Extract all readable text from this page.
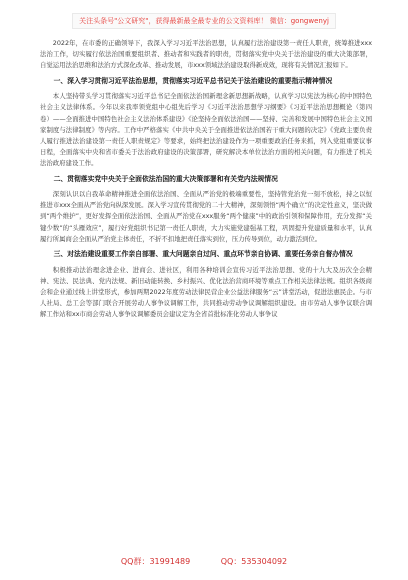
关注头条号"公文研究"，获得最新最全最专业的公文资料库！ 微信：gongwenyj

2022年，在市委的正确领导下，我深入学习习近平法治思想，认真履行法治建设第一责任人职责，统筹推进xxx法治工作，切实履行依法治国重要组织者、推动者和实践者的职责，贯彻落实党中央关于法治建设的重大决策部署，自觉运用法治思维和法治方式深化改革、推动发展，市xxx领域法治建设取得新成效，现将有关情况汇报如下。

一、深入学习贯彻习近平法治思想，贯彻落实习近平总书记关于法治建设的重要指示精神情况

本人坚持带头学习贯彻落实习近平总书记全面依法治国新理念新思想新战略，认真学习以宪法为核心的中国特色社会主义法律体系。今年以来我率领党组中心组先后学习《习近平法治思想学习纲要》《习近平法治思想概论（第四卷）——全面推进中国特色社会主义法治体系建设》《论坚持全面依法治国——坚持、完善和发展中国特色社会主义国家制度与法律制度》等内容。工作中严格落实《中共中央关于全面推进依法治国若干重大问题的决定》《党政主要负责人履行推进法治建设第一责任人职责规定》等要求，始终把法治建设作为一项重要政治任务来抓，列入党组重要议事日程，全面落实中央和省市委关于法治政府建设的决策部署，研究解决本单位法治方面的相关问题，有力推进了机关法治政府建设工作。

二、贯彻落实党中央关于全面依法治国的重大决策部署和有关党内法规情况

深刻认识以自我革命精神推进全面依法治国、全面从严治党的极端重要性，坚持管党治党一刻不放松，持之以恒推进市xxx全面从严治党向纵深发展。深入学习宣传贯彻党的二十大精神，深刻领悟“两个确立”的决定性意义，坚决做到“两个维护”，更好发挥全面依法治国、全面从严治党在xxx服务“两个健康”中的政治引领和保障作用，充分发挥“关键少数”的“头雁效应”，履行好党组织书记第一责任人职责，大力实施党建强基工程，巩固提升党建质量和水平，认真履行所属商会全面从严治党主体责任，不折不扣地把责任落实到位，压力传导到位，动力激活到位。

三、对法治建设重要工作亲自部署、重大问题亲自过问、重点环节亲自协调、重要任务亲自督办情况

积极推动法治理念进企业、进商会、进社区，利用各种培训会宣传习近平法治思想、党的十九大及历次全会精神、宪法、民法典、党内法规、新旧动能转换、乡村振兴、优化法治营商环境等重点工作相关法律法规。组织各级商会和企业通过线上讲堂形式，参加两期2022年度劳动法律民营企业公益法律服务“云”讲堂活动，促进法惠民企。与市人社局、总工会等部门联合开展劳动人事争议调解工作，共同推动劳动争议调解组织建设。由市劳动人事争议联合调解工作站和xx市商会劳动人事争议调解委员会建议定为全省首批标准化劳动人事争议

QQ群：31991489	QQ：535304092
